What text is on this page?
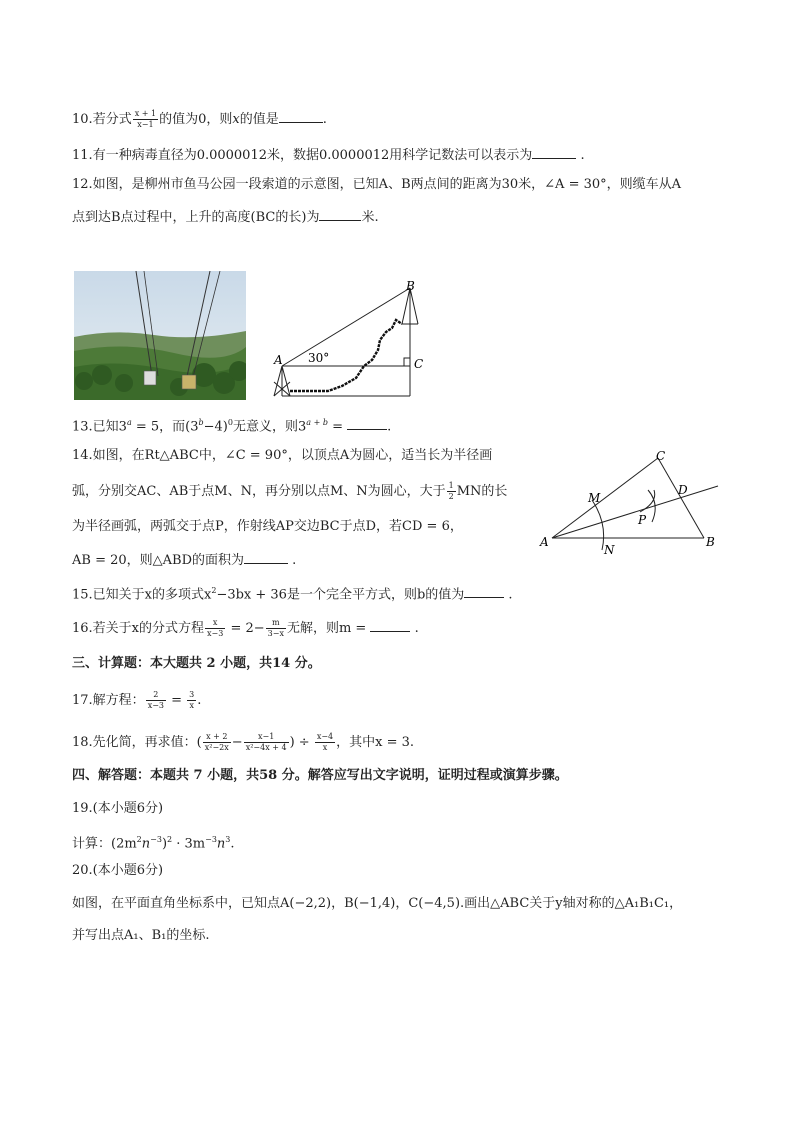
10.若分式 $\frac{x + 1}{x-1}$ 的值为0，则x的值是	.
11.有一种病毒直径为0.0000012米，数据0.0000012用科学记数法可以表示为	.
12.如图，是柳州市鱼马公园一段索道的示意图，已知A、B两点间的距离为30米，∠A = 30°，则缆车从A
点到达B点过程中，上升的高度(BC的长)为	米.
A
B
C
30°
13.已知$3^a = 5$，而$(3^b-4)^0$无意义，则$3^{a + b}$ =	.
14.如图，在Rt△ABC中，∠C = 90°，以顶点A为圆心，适当长为半径画
弧，分别交AC、AB于点M、N，再分别以点M、N为圆心，大于 $\frac{1}{2}$ MN的长
为半径画弧，两弧交于点P，作射线AP交边BC于点D，若CD = 6，
AB = 20，则△ABD的面积为	.
A	B
C
D
M
N
P
15.已知关于x的多项式$x^2-3bx + 36$是一个完全平方式，则b的值为	.
16.若关于x的分式方程 $\frac{x}{x-3} = 2- \frac{m}{3-x}$ 无解，则m =	.
三、计算题：本大题共 2 小题，共14 分。
17.解方程： $\frac{2}{x-3} = \frac{3}{x}$ .
18.先化简，再求值：( $\frac{x + 2}{\text{x²−2x}} - \frac{x-1}{\text{x²−4x + 4}}$ ) ÷ $\frac{x-4}{x}$ ，其中x = 3.
四、解答题：本题共 7 小题，共58 分。解答应写出文字说明，证明过程或演算步骤。
19.(本小题6分)
计算：$(2m^2n^{-3})^2 \cdot 3m^{-3}n^3$.
20.(本小题6分)
如图，在平面直角坐标系中，已知点A(−2,2)，B(−1,4)，C(−4,5).画出△ABC关于y轴对称的△A₁B₁C₁，
并写出点A₁、B₁的坐标.
